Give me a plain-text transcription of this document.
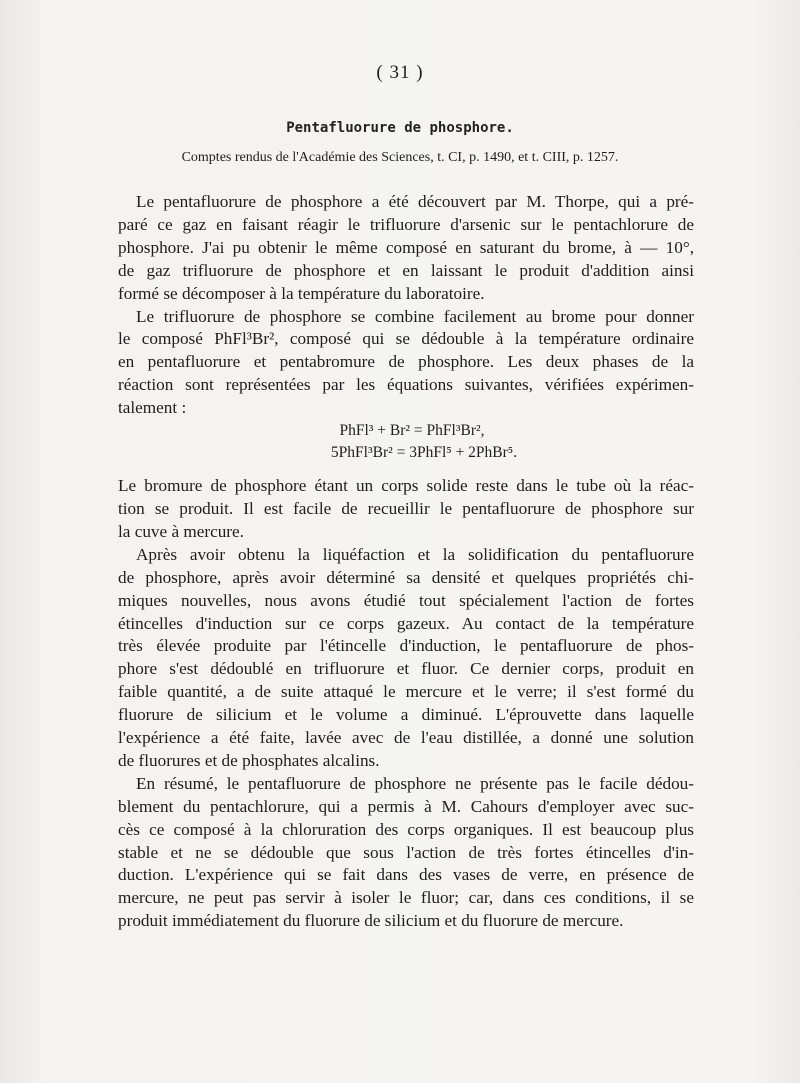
( 31 )
Pentafluorure de phosphore.
Comptes rendus de l'Académie des Sciences, t. CI, p. 1490, et t. CIII, p. 1257.

Le pentafluorure de phosphore a été découvert par M. Thorpe, qui a pré-
paré ce gaz en faisant réagir le trifluorure d'arsenic sur le pentachlorure de
phosphore. J'ai pu obtenir le même composé en saturant du brome, à — 10°,
de gaz trifluorure de phosphore et en laissant le produit d'addition ainsi
formé se décomposer à la température du laboratoire.

Le trifluorure de phosphore se combine facilement au brome pour donner
le composé PhFl³Br², composé qui se dédouble à la température ordinaire
en pentafluorure et pentabromure de phosphore. Les deux phases de la
réaction sont représentées par les équations suivantes, vérifiées expérimen-
talement :

PhFl³ + Br² = PhFl³Br²,
5PhFl³Br² = 3PhFl⁵ + 2PhBr⁵.

Le bromure de phosphore étant un corps solide reste dans le tube où la réac-
tion se produit. Il est facile de recueillir le pentafluorure de phosphore sur
la cuve à mercure.

Après avoir obtenu la liquéfaction et la solidification du pentafluorure
de phosphore, après avoir déterminé sa densité et quelques propriétés chi-
miques nouvelles, nous avons étudié tout spécialement l'action de fortes
étincelles d'induction sur ce corps gazeux. Au contact de la température
très élevée produite par l'étincelle d'induction, le pentafluorure de phos-
phore s'est dédoublé en trifluorure et fluor. Ce dernier corps, produit en
faible quantité, a de suite attaqué le mercure et le verre; il s'est formé du
fluorure de silicium et le volume a diminué. L'éprouvette dans laquelle
l'expérience a été faite, lavée avec de l'eau distillée, a donné une solution
de fluorures et de phosphates alcalins.

En résumé, le pentafluorure de phosphore ne présente pas le facile dédou-
blement du pentachlorure, qui a permis à M. Cahours d'employer avec suc-
cès ce composé à la chloruration des corps organiques. Il est beaucoup plus
stable et ne se dédouble que sous l'action de très fortes étincelles d'in-
duction. L'expérience qui se fait dans des vases de verre, en présence de
mercure, ne peut pas servir à isoler le fluor; car, dans ces conditions, il se
produit immédiatement du fluorure de silicium et du fluorure de mercure.
